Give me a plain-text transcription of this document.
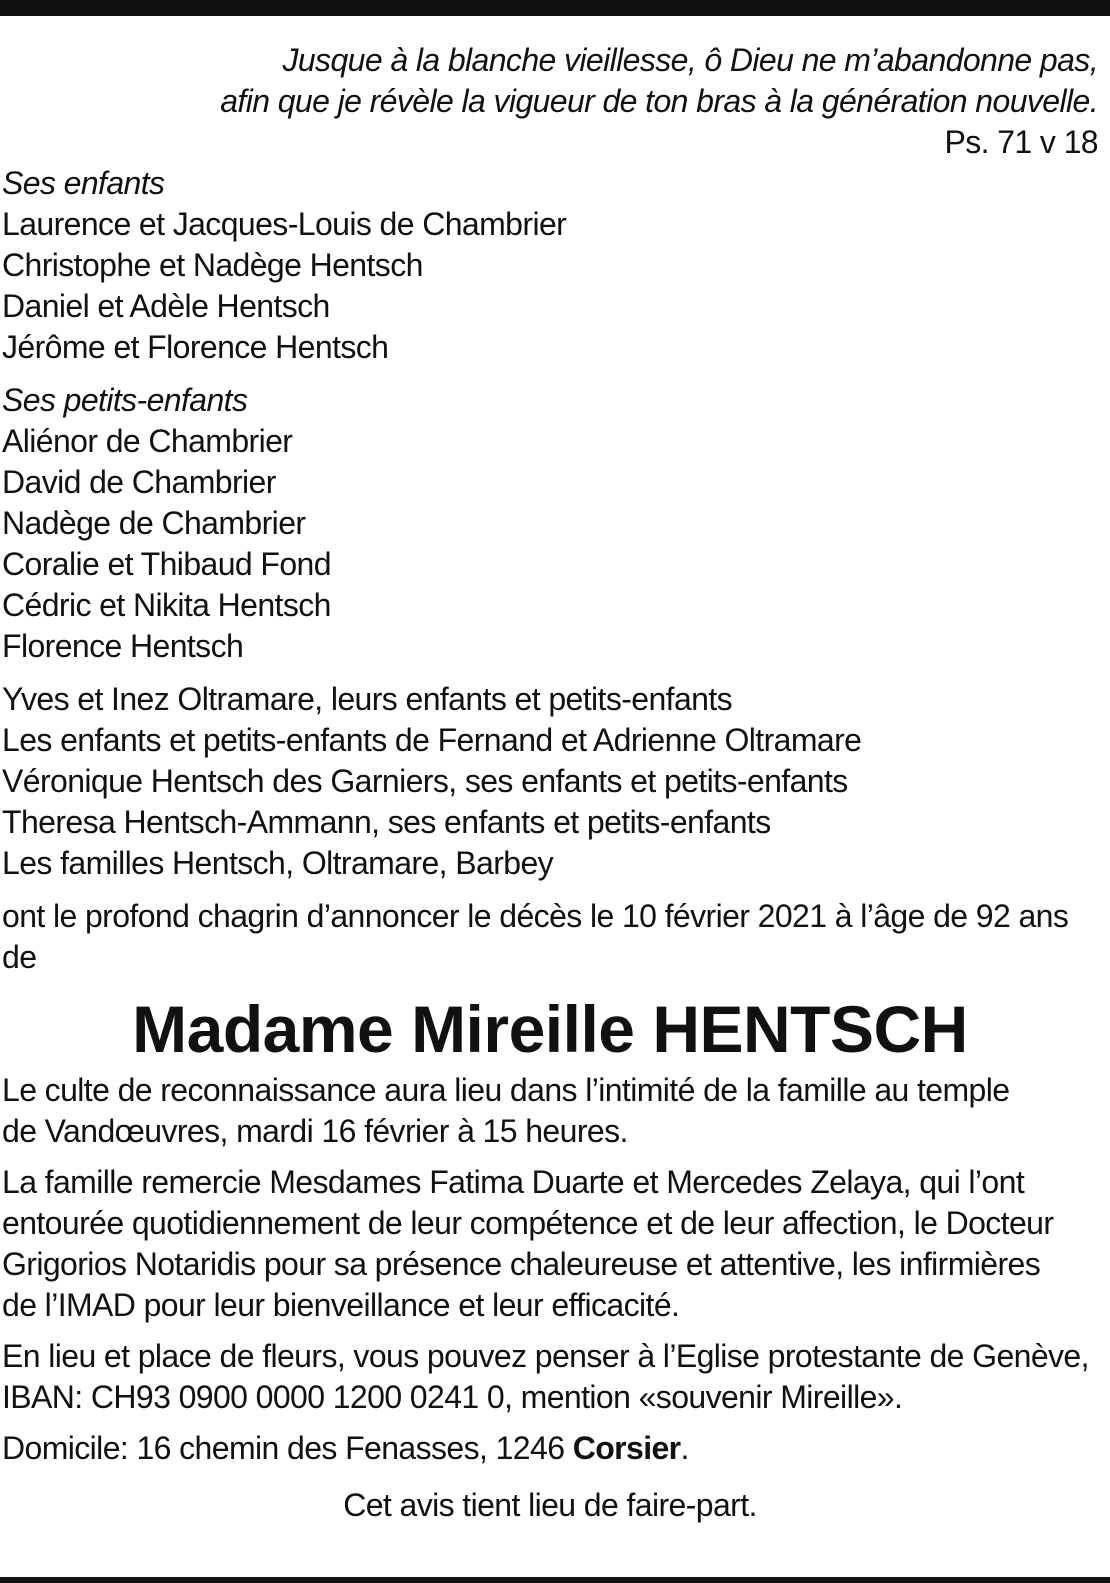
Jusque à la blanche vieillesse, ô Dieu ne m’abandonne pas,
afin que je révèle la vigueur de ton bras à la génération nouvelle.
Ps. 71 v 18
Ses enfants
Laurence et Jacques-Louis de Chambrier
Christophe et Nadège Hentsch
Daniel et Adèle Hentsch
Jérôme et Florence Hentsch
Ses petits-enfants
Aliénor de Chambrier
David de Chambrier
Nadège de Chambrier
Coralie et Thibaud Fond
Cédric et Nikita Hentsch
Florence Hentsch
Yves et Inez Oltramare, leurs enfants et petits-enfants
Les enfants et petits-enfants de Fernand et Adrienne Oltramare
Véronique Hentsch des Garniers, ses enfants et petits-enfants
Theresa Hentsch-Ammann, ses enfants et petits-enfants
Les familles Hentsch, Oltramare, Barbey
ont le profond chagrin d’annoncer le décès le 10 février 2021 à l’âge de 92 ans
de
Madame Mireille HENTSCH
Le culte de reconnaissance aura lieu dans l’intimité de la famille au temple
de Vandœuvres, mardi 16 février à 15 heures.
La famille remercie Mesdames Fatima Duarte et Mercedes Zelaya, qui l’ont
entourée quotidiennement de leur compétence et de leur affection, le Docteur
Grigorios Notaridis pour sa présence chaleureuse et attentive, les infirmières
de l’IMAD pour leur bienveillance et leur efficacité.
En lieu et place de fleurs, vous pouvez penser à l’Eglise protestante de Genève,
IBAN: CH93 0900 0000 1200 0241 0, mention «souvenir Mireille».
Domicile: 16 chemin des Fenasses, 1246 Corsier.
Cet avis tient lieu de faire-part.
